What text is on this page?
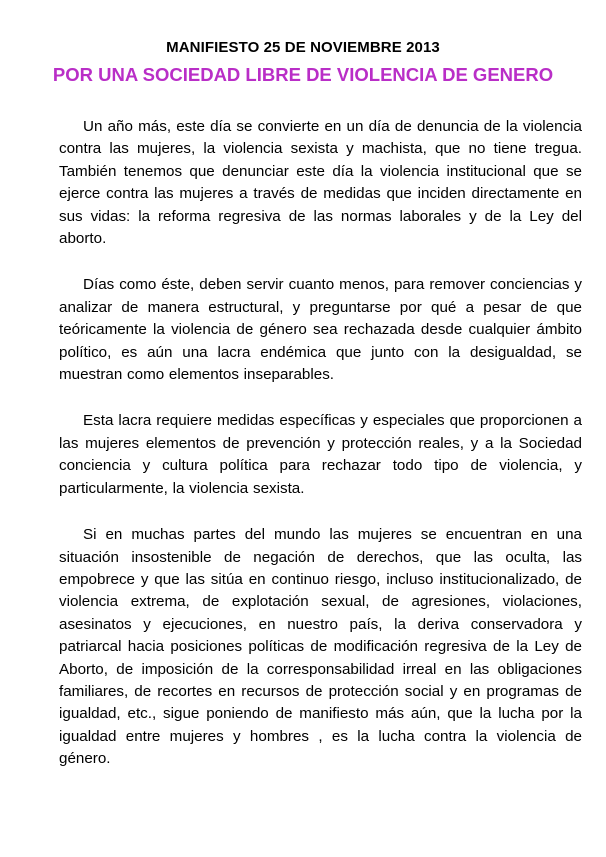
MANIFIESTO 25 DE NOVIEMBRE 2013
POR UNA SOCIEDAD LIBRE DE VIOLENCIA DE GENERO

Un año más, este día se convierte en un día de denuncia de la violencia contra las mujeres, la violencia sexista y machista, que no tiene tregua. También tenemos que denunciar este día la violencia institucional que se ejerce contra las mujeres a través de medidas que inciden directamente en sus vidas: la reforma regresiva de las normas laborales y de la Ley del aborto.

Días como éste, deben servir cuanto menos, para remover conciencias y analizar de manera estructural, y preguntarse por qué a pesar de que teóricamente la violencia de género sea rechazada desde cualquier ámbito político, es aún una lacra endémica que junto con la desigualdad, se muestran como elementos inseparables.

Esta lacra requiere medidas específicas y especiales que proporcionen a las mujeres elementos de prevención y protección reales, y a la Sociedad conciencia y cultura política para rechazar todo tipo de violencia, y particularmente, la violencia sexista.

Si en muchas partes del mundo las mujeres se encuentran en una situación insostenible de negación de derechos, que las oculta, las empobrece y que las sitúa en continuo riesgo, incluso institucionalizado, de violencia extrema, de explotación sexual, de agresiones, violaciones, asesinatos y ejecuciones, en nuestro país, la deriva conservadora y patriarcal hacia posiciones políticas de modificación regresiva de la Ley de Aborto, de imposición de la corresponsabilidad irreal en las obligaciones familiares, de recortes en recursos de protección social y en programas de igualdad, etc., sigue poniendo de manifiesto más aún, que la lucha por la igualdad entre mujeres y hombres , es la lucha contra la violencia de género.
